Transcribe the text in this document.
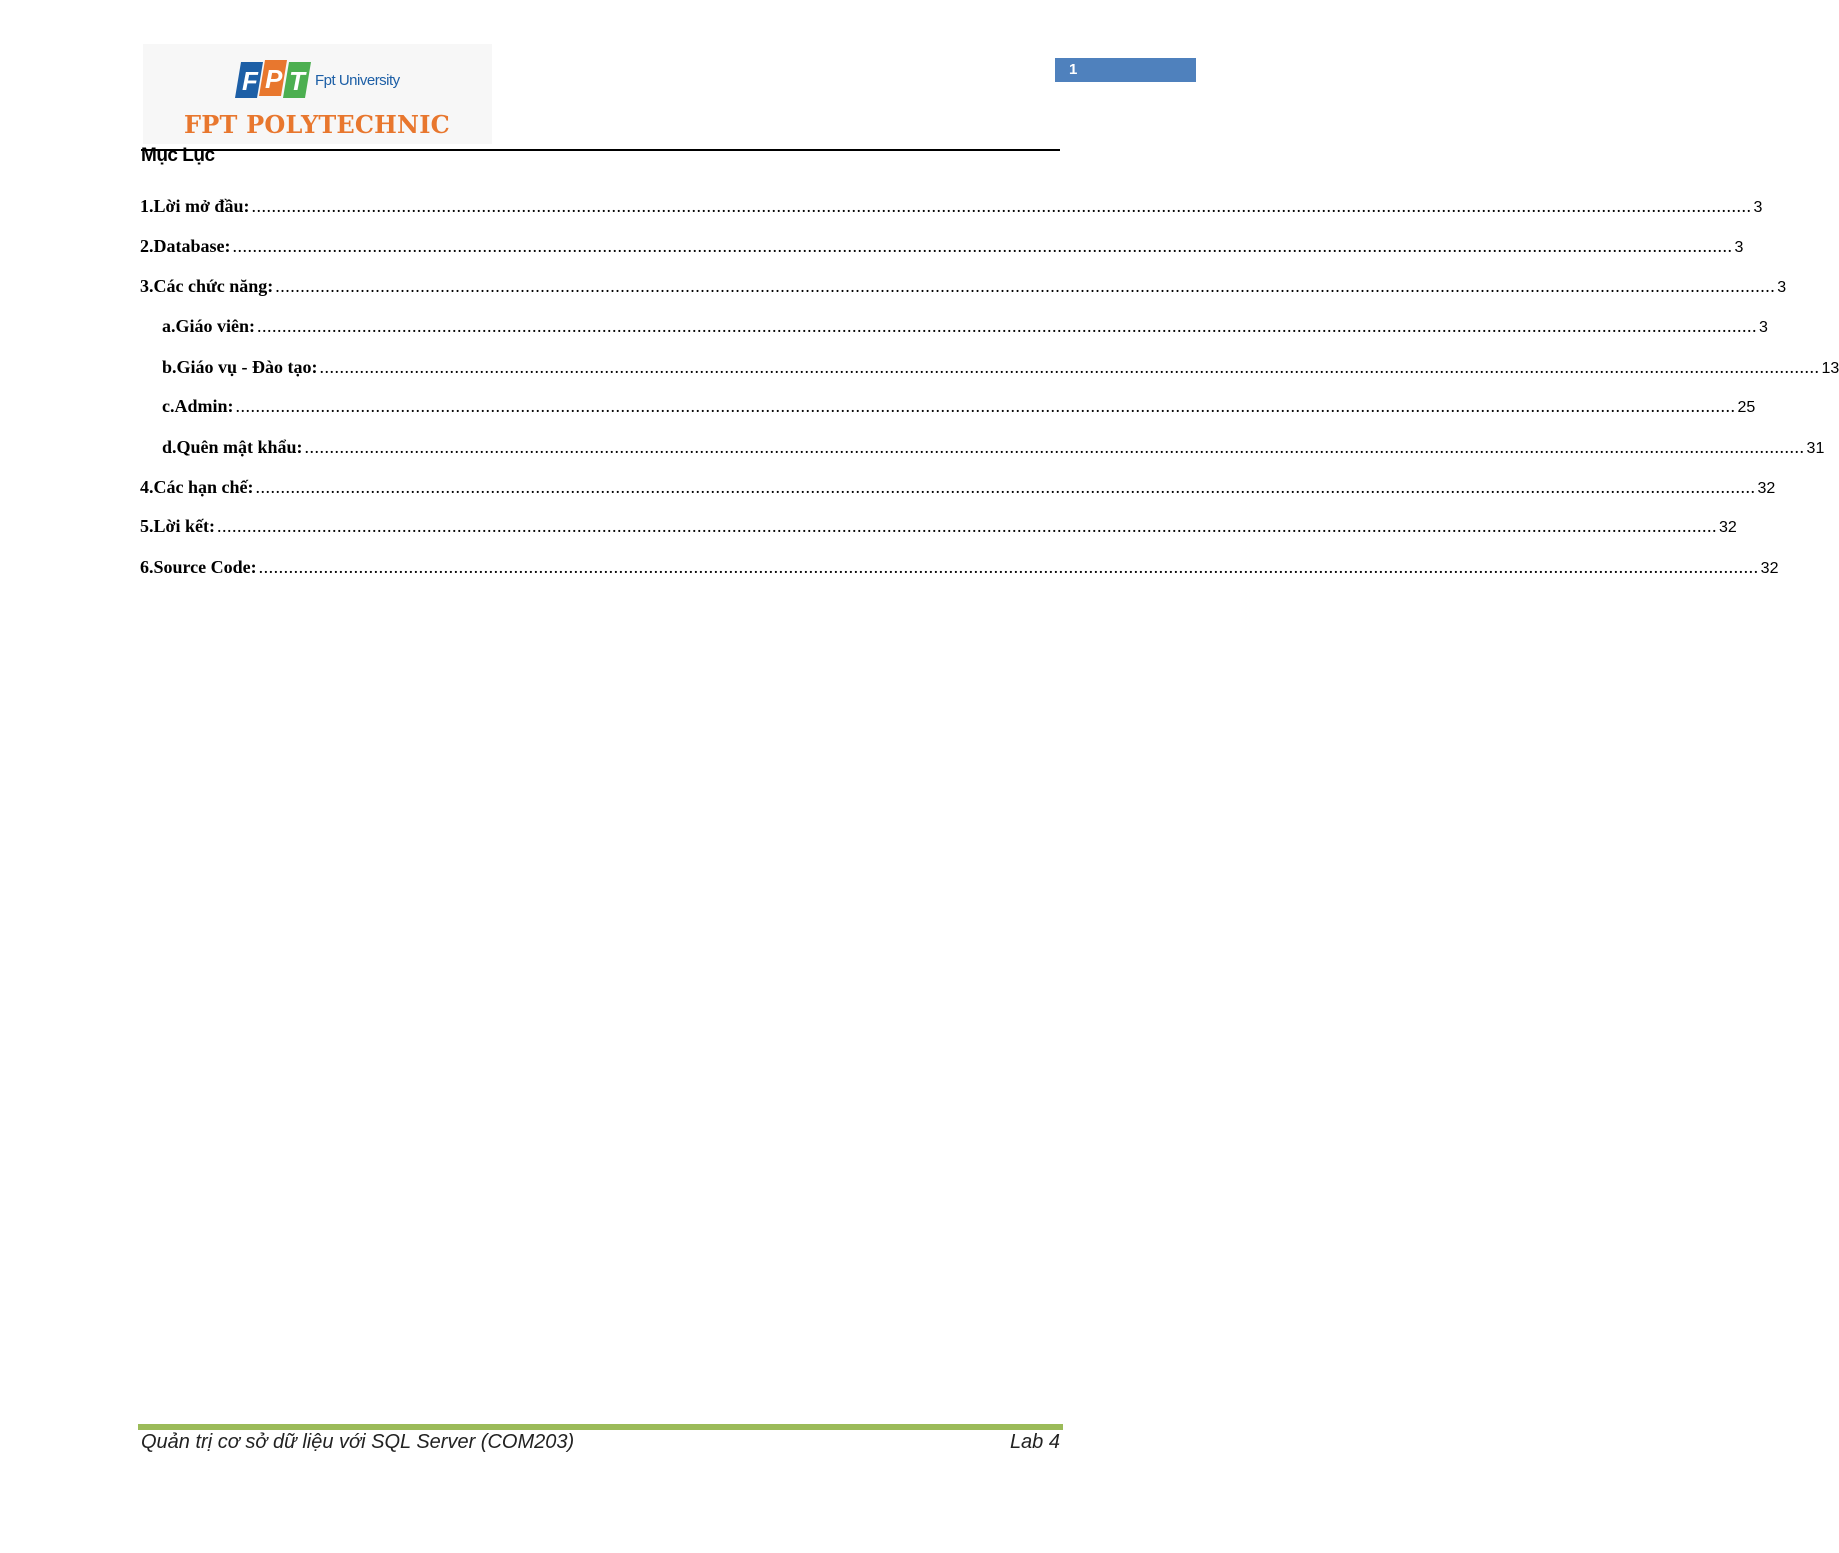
F P T Fpt University
FPT POLYTECHNIC
1
Mục Lục
1. Lời mở đầu: ............................................................................................................................................................................................................................................................................................................ 3
2. Database: ............................................................................................................................................................................................................................................................................................................ 3
3. Các chức năng: ............................................................................................................................................................................................................................................................................................................ 3
a. Giáo viên: ............................................................................................................................................................................................................................................................................................................ 3
b. Giáo vụ - Đào tạo: ............................................................................................................................................................................................................................................................................................................ 13
c. Admin: ............................................................................................................................................................................................................................................................................................................ 25
d. Quên mật khẩu: ............................................................................................................................................................................................................................................................................................................ 31
4. Các hạn chế: ............................................................................................................................................................................................................................................................................................................ 32
5. Lời kết: ............................................................................................................................................................................................................................................................................................................ 32
6. Source Code: ............................................................................................................................................................................................................................................................................................................ 32
Quản trị cơ sở dữ liệu với SQL Server (COM203)	Lab 4
